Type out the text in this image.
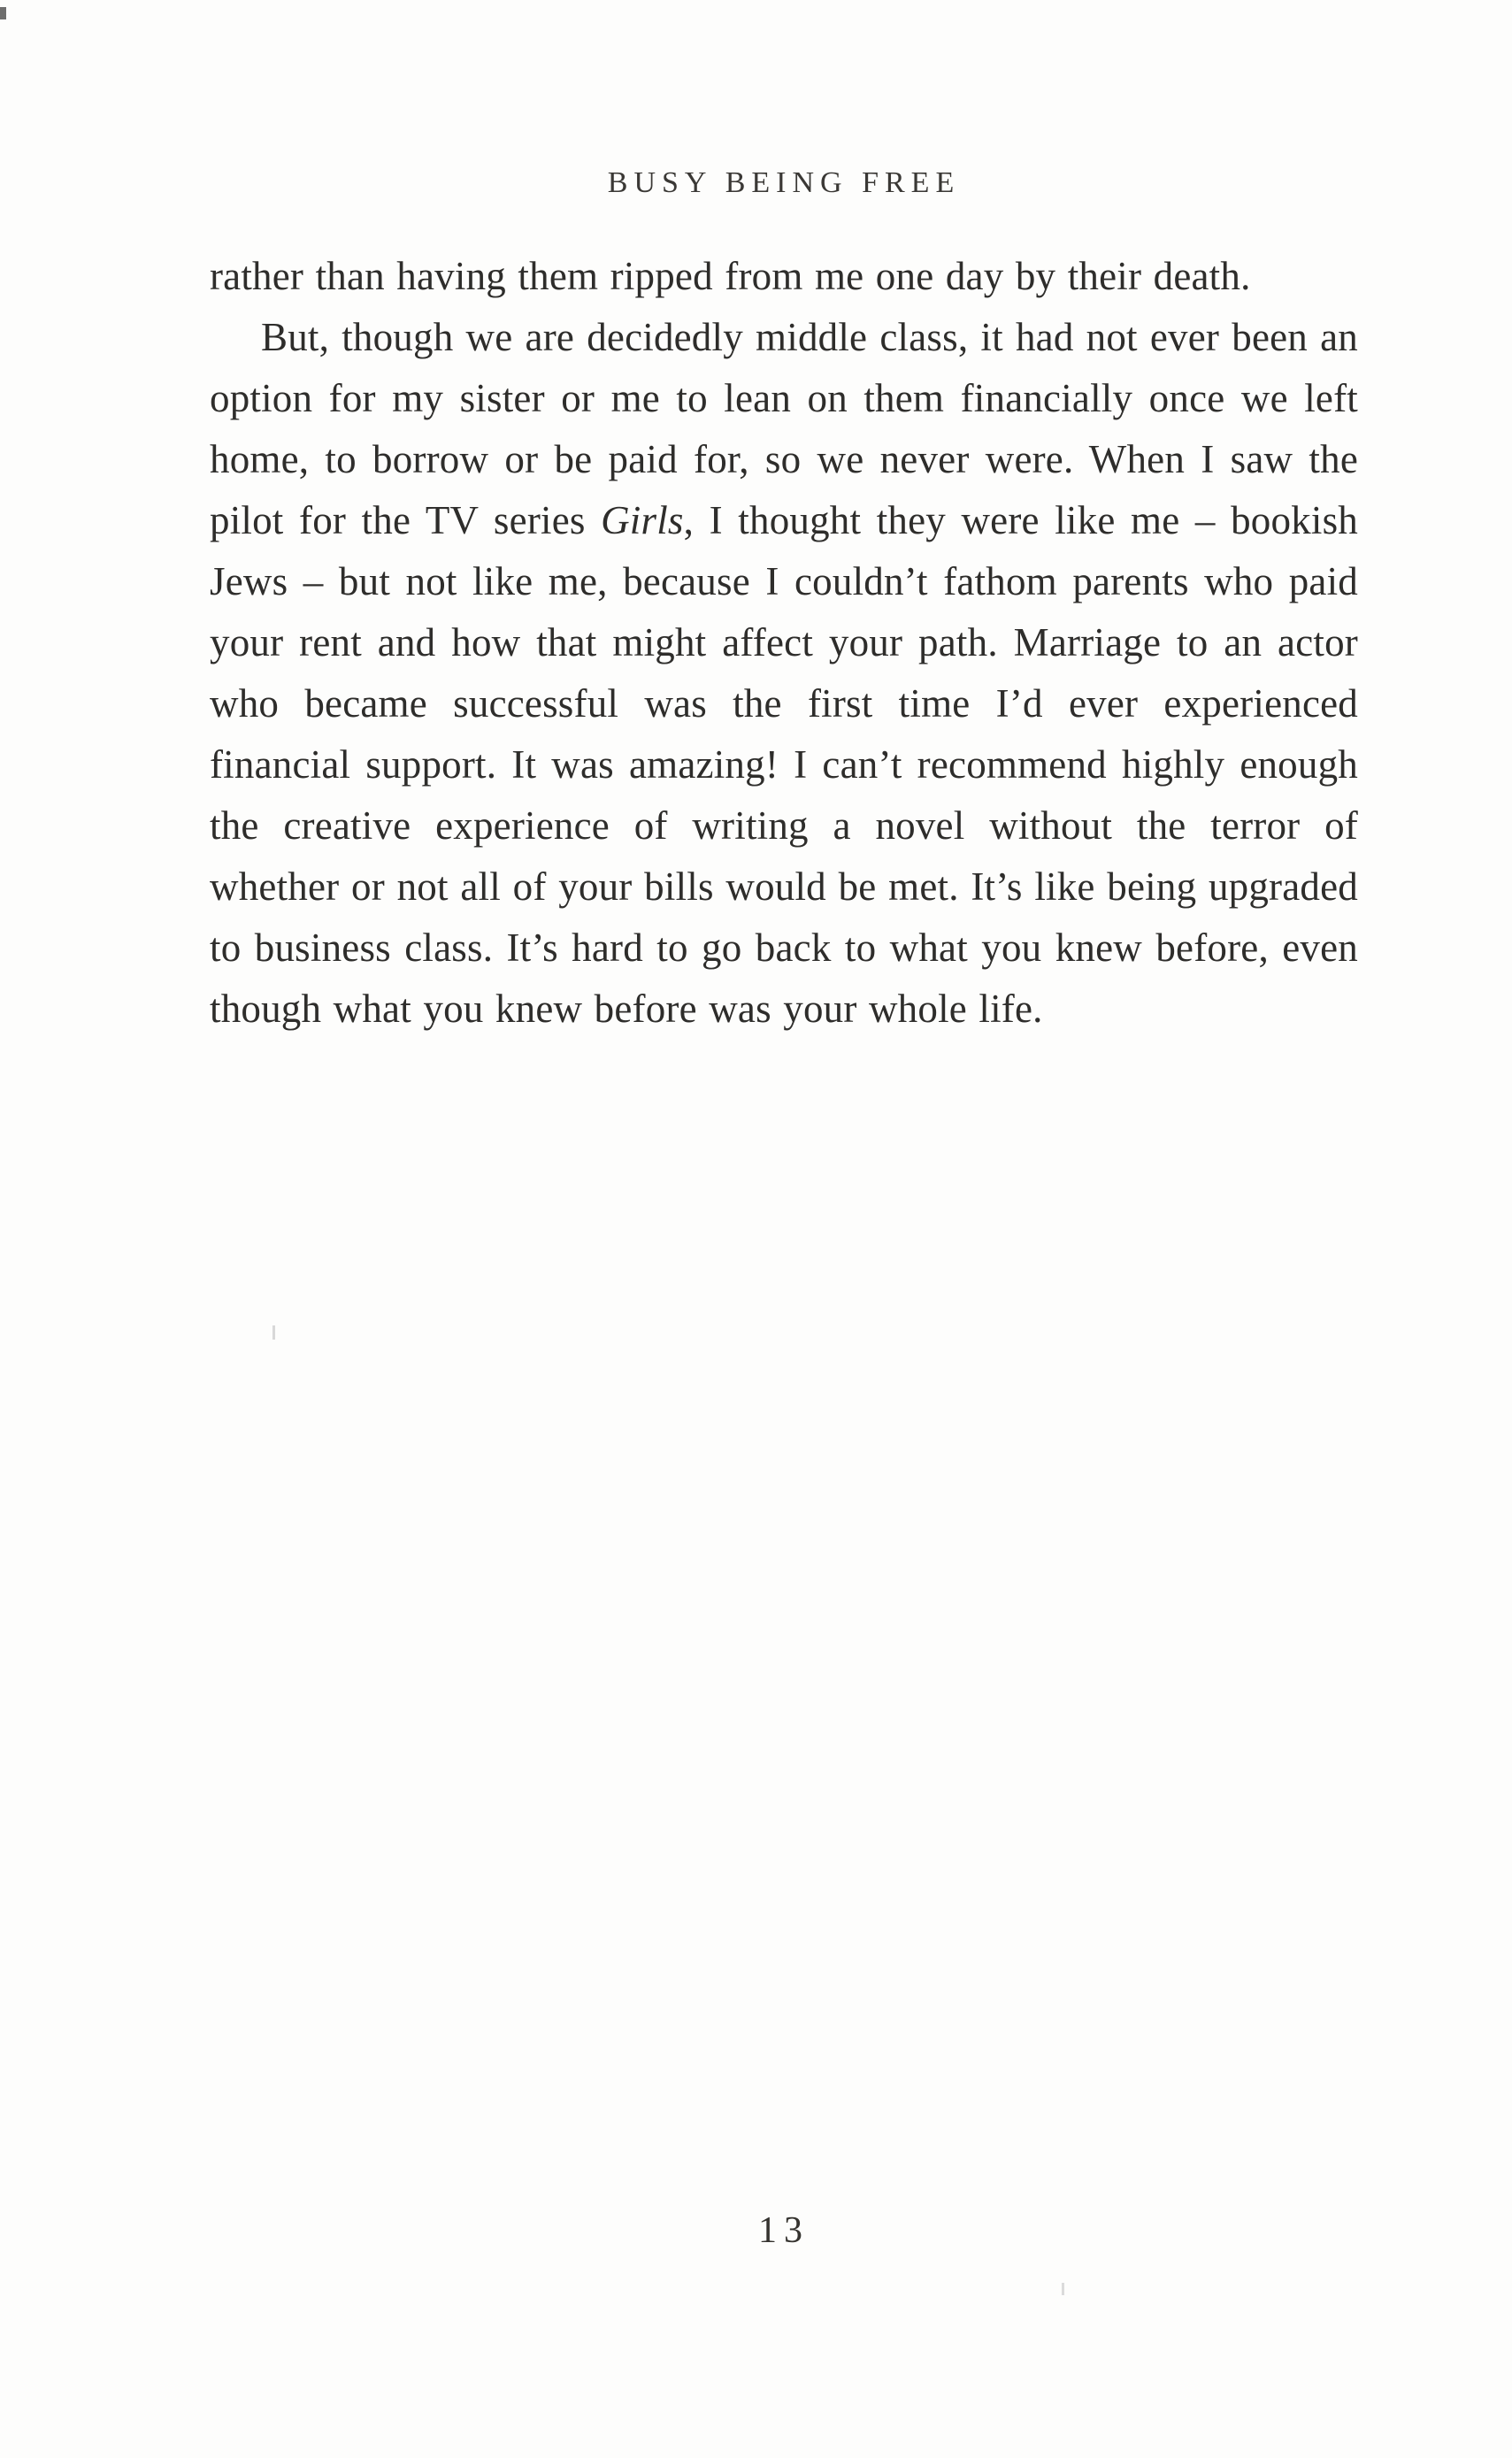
BUSY BEING FREE

rather than having them ripped from me one day by their death.

But, though we are decidedly middle class, it had not ever been an option for my sister or me to lean on them financially once we left home, to borrow or be paid for, so we never were. When I saw the pilot for the TV series Girls, I thought they were like me – bookish Jews – but not like me, because I couldn’t fathom parents who paid your rent and how that might affect your path. Marriage to an actor who became successful was the first time I’d ever experienced financial support. It was amazing! I can’t recommend highly enough the creative experience of writing a novel without the terror of whether or not all of your bills would be met. It’s like being upgraded to business class. It’s hard to go back to what you knew before, even though what you knew before was your whole life.

13
